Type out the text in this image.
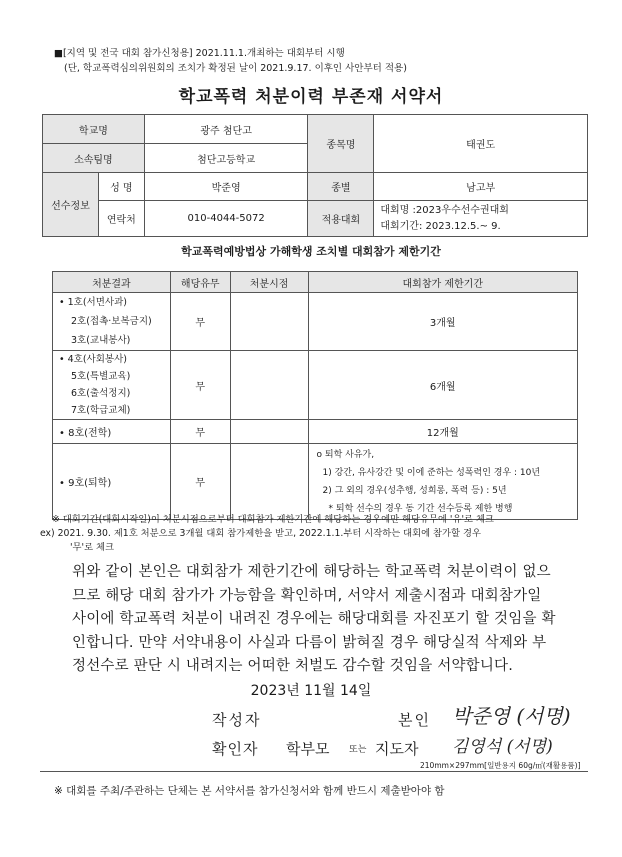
■[지역 및 전국 대회 참가신청용] 2021.11.1.개최하는 대회부터 시행
(단, 학교폭력심의위원회의 조치가 확정된 날이 2021.9.17. 이후인 사안부터 적용)
학교폭력 처분이력 부존재 서약서
학교명		광주 첨단고	종목명	태권도
소속팀명		첨단고등학교		
선수정보	성 명	박준영	종별	남고부
	연락처	010-4044-5072	적용대회	대회명 :2023우수선수권대회
대회기간: 2023.12.5.~ 9.
학교폭력예방법상 가해학생 조치별 대회참가 제한기간
처분결과	해당유무	처분시점	대회참가 제한기간

• 1호(서면사과)
2호(접촉·보복금지)
3호(교내봉사)	무		3개월

• 4호(사회봉사)
5호(특별교육)
6호(출석정지)
7호(학급교체)	무		6개월
• 8호(전학)	무		12개월
• 9호(퇴학)	무		o 퇴학 사유가,
1) 강간, 유사강간 및 이에 준하는 성폭력인 경우 : 10년
2) 그 외의 경우(성추행, 성희롱, 폭력 등) : 5년
* 퇴학 선수의 경우 동 기간 선수등록 제한 병행
※ 대회기간(대회시작일)이 처분시점으로부터 대회참가 제한기간에 해당하는 경우에만 해당유무에 '유'로 체크
ex) 2021. 9.30. 제1호 처분으로 3개월 대회 참가제한을 받고, 2022.1.1.부터 시작하는 대회에 참가할 경우
'무'로 체크
위와 같이 본인은 대회참가 제한기간에 해당하는 학교폭력 처분이력이 없으므로 해당 대회 참가가 가능함을 확인하며, 서약서 제출시점과 대회참가일 사이에 학교폭력 처분이 내려진 경우에는 해당대회를 자진포기 할 것임을 확인합니다. 만약 서약내용이 사실과 다름이 밝혀질 경우 해당실적 삭제와 부정선수로 판단 시 내려지는 어떠한 처벌도 감수할 것임을 서약합니다.
2023년 11월 14일
작성자	본인 박준영 (서명)
확인자 학부모 또는 지도자 김영석 (서명)
210mm×297mm[일반용지 60g/㎡(재활용품)]
※ 대회를 주최/주관하는 단체는 본 서약서를 참가신청서와 함께 반드시 제출받아야 함
